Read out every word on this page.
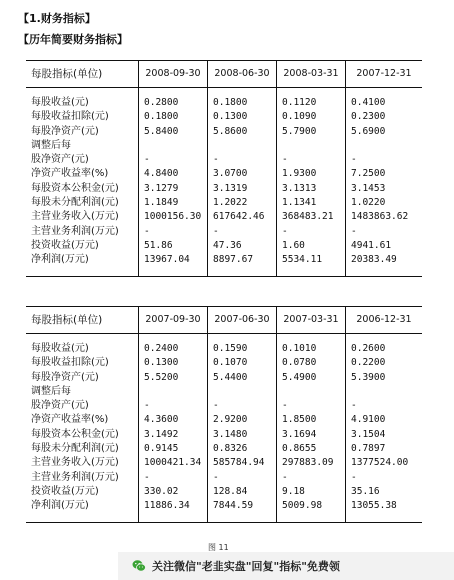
【1.财务指标】
【历年简要财务指标】
每股指标(单位)	2008-09-30	2008-06-30	2008-03-31	2007-12-31
每股收益(元)	0.2800	0.1800	0.1120	0.4100
每股收益扣除(元)	0.1800	0.1300	0.1090	0.2300
每股净资产(元)	5.8400	5.8600	5.7900	5.6900
调整后每
股净资产(元)	-	-	-	-
净资产收益率(%)	4.8400	3.0700	1.9300	7.2500
每股资本公积金(元)	3.1279	3.1319	3.1313	3.1453
每股未分配利润(元)	1.1849	1.2022	1.1341	1.0220
主营业务收入(万元)	1000156.30	617642.46	368483.21	1483863.62
主营业务利润(万元)	-	-	-	-
投资收益(万元)	51.86	47.36	1.60	4941.61
净利润(万元)	13967.04	8897.67	5534.11	20383.49
每股指标(单位)	2007-09-30	2007-06-30	2007-03-31	2006-12-31
每股收益(元)	0.2400	0.1590	0.1010	0.2600
每股收益扣除(元)	0.1300	0.1070	0.0780	0.2200
每股净资产(元)	5.5200	5.4400	5.4900	5.3900
调整后每
股净资产(元)	-	-	-	-
净资产收益率(%)	4.3600	2.9200	1.8500	4.9100
每股资本公积金(元)	3.1492	3.1480	3.1694	3.1504
每股未分配利润(元)	0.9145	0.8326	0.8655	0.7897
主营业务收入(万元)	1000421.34	585784.94	297883.09	1377524.00
主营业务利润(万元)	-	-	-	-
投资收益(万元)	330.02	128.84	9.18	35.16
净利润(万元)	11886.34	7844.59	5009.98	13055.38
图 11
关注微信"老韭实盘"回复"指标"免费领
